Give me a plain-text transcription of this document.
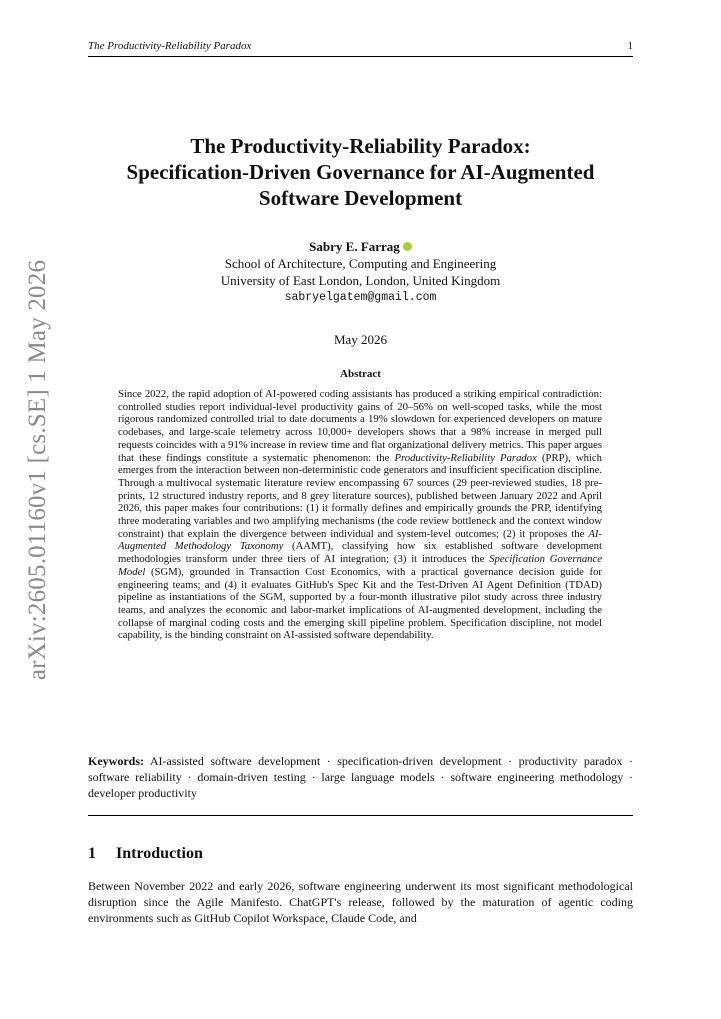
The Productivity-Reliability Paradox	1
arXiv:2605.01160v1 [cs.SE] 1 May 2026
The Productivity-Reliability Paradox:
Specification-Driven Governance for AI-Augmented
Software Development
Sabry E. Farrag
School of Architecture, Computing and Engineering
University of East London, London, United Kingdom
sabryelgatem@gmail.com
May 2026
Abstract

Since 2022, the rapid adoption of AI-powered coding assistants has produced a striking empirical contradiction: controlled studies report individual-level productivity gains of 20–56% on well-scoped tasks, while the most rigorous randomized controlled trial to date documents a 19% slowdown for experienced developers on mature codebases, and large-scale telemetry across 10,000+ developers shows that a 98% increase in merged pull requests coincides with a 91% increase in review time and flat organizational delivery metrics. This paper argues that these findings constitute a systematic phenomenon: the Productivity-Reliability Paradox (PRP), which emerges from the interaction between non-deterministic code generators and insufficient specification discipline. Through a multivocal systematic literature review encompassing 67 sources (29 peer-reviewed studies, 18 pre-prints, 12 structured industry reports, and 8 grey literature sources), published between January 2022 and April 2026, this paper makes four contributions: (1) it formally defines and empirically grounds the PRP, identifying three moderating variables and two amplifying mechanisms (the code review bottleneck and the context window constraint) that explain the divergence between individual and system-level outcomes; (2) it proposes the AI-Augmented Methodology Taxonomy (AAMT), classifying how six established software development methodologies transform under three tiers of AI integration; (3) it introduces the Specification Governance Model (SGM), grounded in Transaction Cost Economics, with a practical governance decision guide for engineering teams; and (4) it evaluates GitHub's Spec Kit and the Test-Driven AI Agent Definition (TDAD) pipeline as instantiations of the SGM, supported by a four-month illustrative pilot study across three industry teams, and analyzes the economic and labor-market implications of AI-augmented development, including the collapse of marginal coding costs and the emerging skill pipeline problem. Specification discipline, not model capability, is the binding constraint on AI-assisted software dependability.

Keywords: AI-assisted software development · specification-driven development · productivity paradox · software reliability · domain-driven testing · large language models · software engineering methodology · developer productivity

1 Introduction

Between November 2022 and early 2026, software engineering underwent its most significant methodological disruption since the Agile Manifesto. ChatGPT's release, followed by the maturation of agentic coding environments such as GitHub Copilot Workspace, Claude Code, and
